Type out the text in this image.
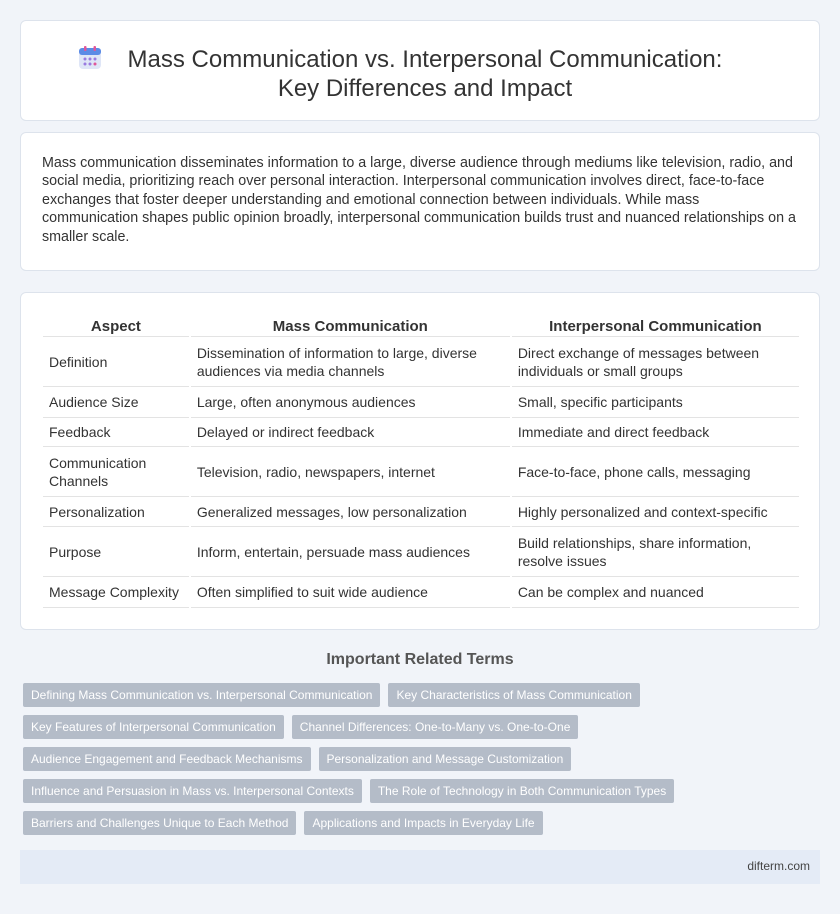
Mass Communication vs. Interpersonal Communication: Key Differences and Impact

Mass communication disseminates information to a large, diverse audience through mediums like television, radio, and social media, prioritizing reach over personal interaction. Interpersonal communication involves direct, face-to-face exchanges that foster deeper understanding and emotional connection between individuals. While mass communication shapes public opinion broadly, interpersonal communication builds trust and nuanced relationships on a smaller scale.

Aspect	Mass Communication	Interpersonal Communication
Definition	Dissemination of information to large, diverse audiences via media channels	Direct exchange of messages between individuals or small groups
Audience Size	Large, often anonymous audiences	Small, specific participants
Feedback	Delayed or indirect feedback	Immediate and direct feedback
Communication Channels	Television, radio, newspapers, internet	Face-to-face, phone calls, messaging
Personalization	Generalized messages, low personalization	Highly personalized and context-specific
Purpose	Inform, entertain, persuade mass audiences	Build relationships, share information, resolve issues
Message Complexity	Often simplified to suit wide audience	Can be complex and nuanced
Important Related Terms
Defining Mass Communication vs. Interpersonal Communication	Key Characteristics of Mass Communication
Key Features of Interpersonal Communication	Channel Differences: One-to-Many vs. One-to-One
Audience Engagement and Feedback Mechanisms	Personalization and Message Customization
Influence and Persuasion in Mass vs. Interpersonal Contexts	The Role of Technology in Both Communication Types
Barriers and Challenges Unique to Each Method	Applications and Impacts in Everyday Life
difterm.com
